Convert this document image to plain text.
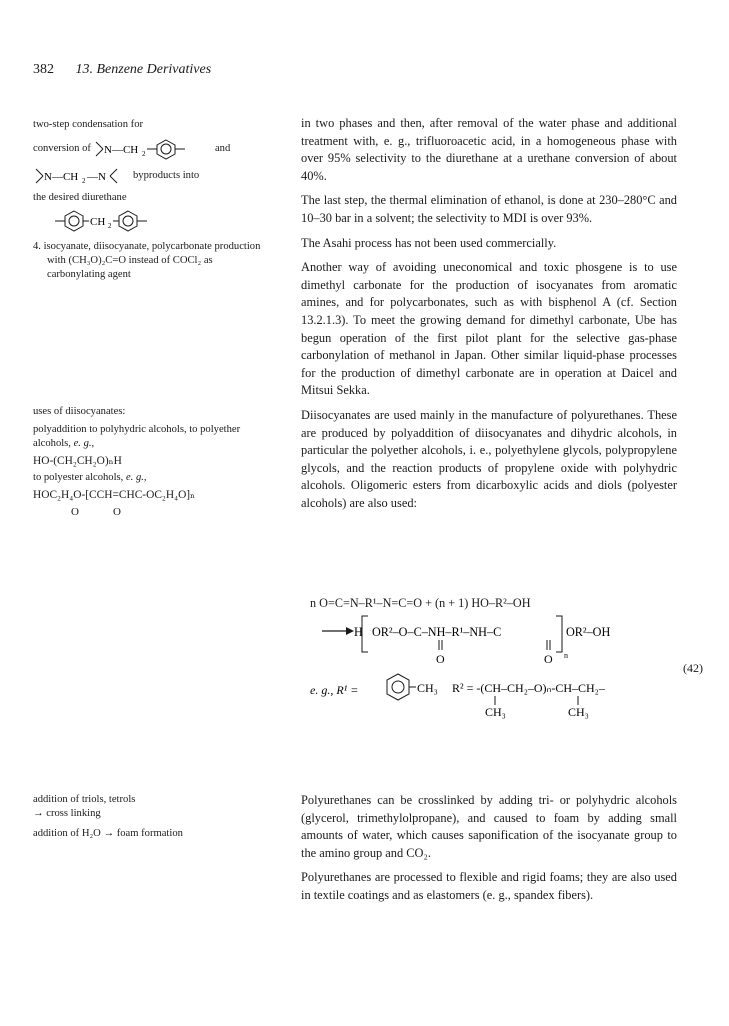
382 13. Benzene Derivatives
two-step condensation for
conversion of N—CH 2	and
N—CH 2 —N	byproducts into
the desired diurethane
CH 2
4. isocyanate, diisocyanate, polycarbonate production with (CH₃O)₂C=O instead of COCl₂ as carbonylating agent
uses of diisocyanates:
polyaddition to polyhydric alcohols, to polyether alcohols, e. g.,
HO‐(CH₂CH₂O)ₙH
to polyester alcohols, e. g.,
HOC₂H₄O‐[CCH=CHC‐OC₂H₄O]ₙ
O	O
addition of triols, tetrols
→ cross linking
addition of H₂O → foam formation

in two phases and then, after removal of the water phase and additional treatment with, e. g., trifluoroacetic acid, in a homogeneous phase with over 95% selectivity to the diurethane at a urethane conversion of about 40%.

The last step, the thermal elimination of ethanol, is done at 230–280°C and 10–30 bar in a solvent; the selectivity to MDI is over 93%.

The Asahi process has not been used commercially.

Another way of avoiding uneconomical and toxic phosgene is to use dimethyl carbonate for the production of isocyanates from aromatic amines, and for polycarbonates, such as with bisphenol A (cf. Section 13.2.1.3). To meet the growing demand for dimethyl carbonate, Ube has begun operation of the first pilot plant for the selective gas-phase carbonylation of methanol in Japan. Other similar liquid-phase processes for the production of dimethyl carbonate are in operation at Daicel and Mitsui Sekka.

Diisocyanates are used mainly in the manufacture of polyurethanes. These are produced by polyaddition of diisocyanates and dihydric alcohols, in particular the polyether alcohols, i. e., polyethylene glycols, polypropylene glycols, and the reaction products of propylene oxide with polyhydric alcohols. Oligomeric esters from dicarboxylic acids and diols (polyester alcohols) are also used:

n O=C=N–R¹–N=C=O + (n + 1) HO–R²–OH
H OR²–O–C–NH–R¹–NH–C	OR²–OH
O	O n
e. g., R¹ =	CH₃ R² = ‐(CH–CH₂–O)ₙ‐CH–CH₂–
CH₃	CH₃
(42)

Polyurethanes can be crosslinked by adding tri- or polyhydric alcohols (glycerol, trimethylolpropane), and caused to foam by adding small amounts of water, which causes saponification of the isocyanate group to the amino group and CO₂.

Polyurethanes are processed to flexible and rigid foams; they are also used in textile coatings and as elastomers (e. g., spandex fibers).
